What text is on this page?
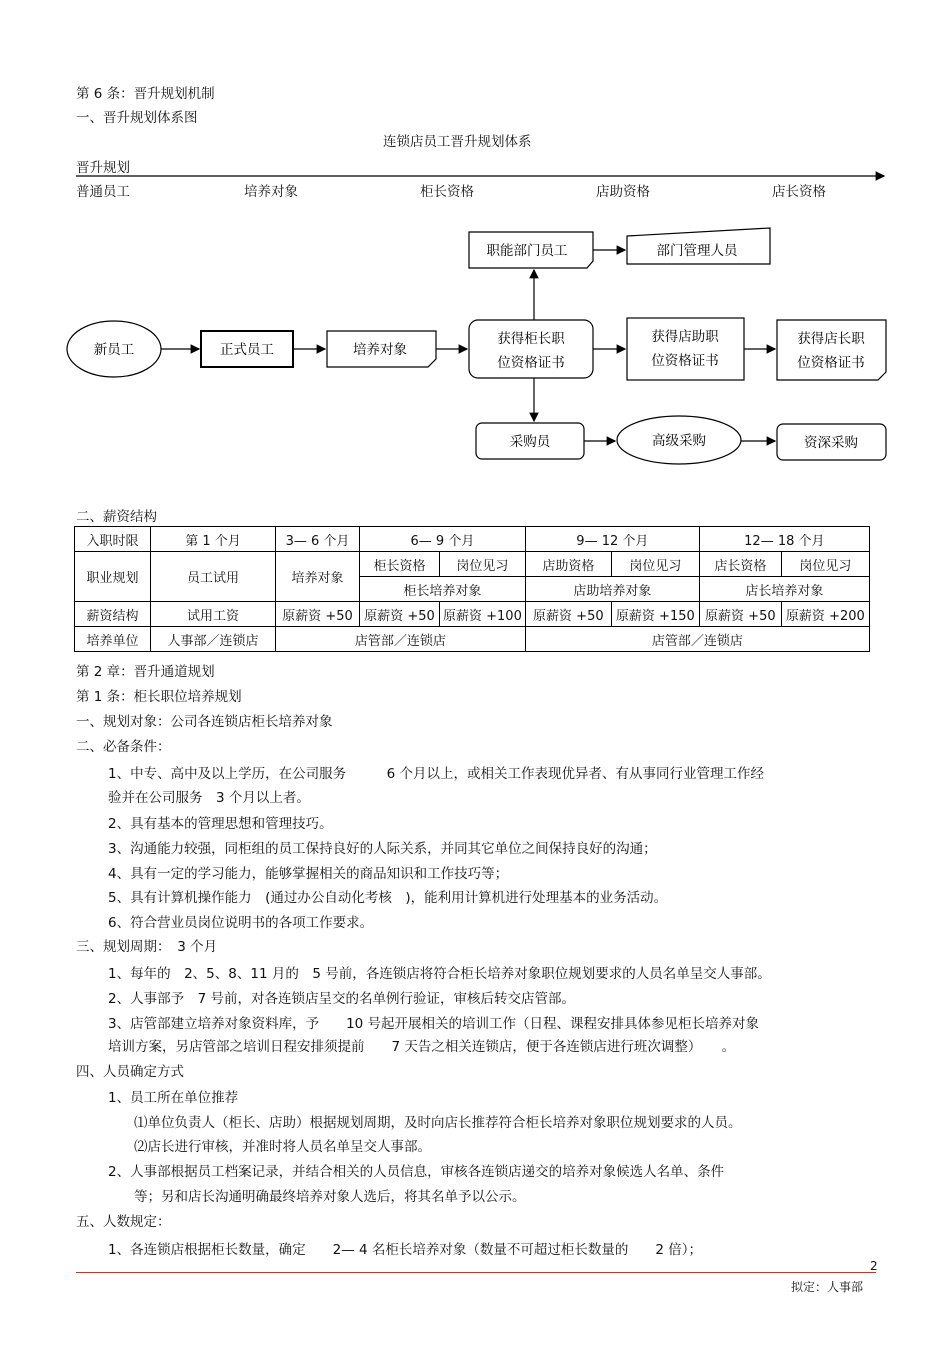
第 6 条：晋升规划机制
一、晋升规划体系图
连锁店员工晋升规划体系
晋升规划
普通员工	培养对象	柜长资格	店助资格	店长资格
新员工	正式员工	培养对象
获得柜长职
位资格证书
职能部门员工	部门管理人员
获得店助职
位资格证书
获得店长职
位资格证书
采购员	高级采购	资深采购
二、薪资结构
入职时限	第 1 个月	3— 6 个月	6— 9 个月		9— 12 个月		12— 18 个月	
职业规划	员工试用	培养对象	柜长资格	岗位见习	店助资格	岗位见习	店长资格	岗位见习
			柜长培养对象		店助培养对象		店长培养对象	
薪资结构	试用工资	原薪资 +50	原薪资 +50	原薪资 +100	原薪资 +50	原薪资 +150	原薪资 +50	原薪资 +200
培养单位	人事部／连锁店	店管部／连锁店			店管部／连锁店			
第 2 章：晋升通道规划
第 1 条：柜长职位培养规划
一、规划对象：公司各连锁店柜长培养对象
二、必备条件：
1、中专、高中及以上学历，在公司服务　　　6 个月以上，或相关工作表现优异者、有从事同行业管理工作经
验并在公司服务　3 个月以上者。
2、具有基本的管理思想和管理技巧。
3、沟通能力较强，同柜组的员工保持良好的人际关系，并同其它单位之间保持良好的沟通；
4、具有一定的学习能力，能够掌握相关的商品知识和工作技巧等；
5、具有计算机操作能力　(通过办公自动化考核　)，能利用计算机进行处理基本的业务活动。
6、符合营业员岗位说明书的各项工作要求。
三、规划周期：　3 个月
1、每年的　2、5、8、11 月的　5 号前，各连锁店将符合柜长培养对象职位规划要求的人员名单呈交人事部。
2、人事部予　7 号前，对各连锁店呈交的名单例行验证，审核后转交店管部。
3、店管部建立培养对象资料库，予　　10 号起开展相关的培训工作（日程、课程安排具体参见柜长培养对象
培训方案，另店管部之培训日程安排须提前　　7 天告之相关连锁店，便于各连锁店进行班次调整）　　。
四、人员确定方式
1、员工所在单位推荐
⑴单位负责人（柜长、店助）根据规划周期，及时向店长推荐符合柜长培养对象职位规划要求的人员。
⑵店长进行审核，并准时将人员名单呈交人事部。
2、人事部根据员工档案记录，并结合相关的人员信息，审核各连锁店递交的培养对象候选人名单、条件
等；另和店长沟通明确最终培养对象人选后，将其名单予以公示。
五、人数规定：
1、各连锁店根据柜长数量，确定　　2— 4 名柜长培养对象（数量不可超过柜长数量的　　2 倍）；
2
拟定：人事部
